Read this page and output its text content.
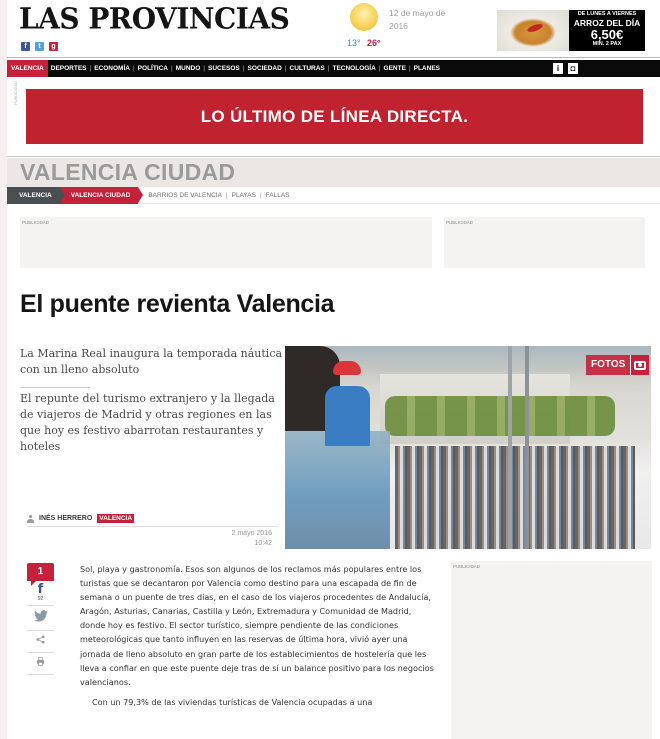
LAS PROVINCIAS
f	t	g
12 de mayo de 2016
13° 26°
DE LUNES A VIERNES
ARROZ DEL DÍA
6,50€
MIN. 2 PAX
VALENCIA	DEPORTES | ECONOMÍA | POLÍTICA | MUNDO | SUCESOS | SOCIEDAD | CULTURAS | TECNOLOGÍA | GENTE | PLANES	i	◘
PUBLICIDAD
LO ÚLTIMO DE LÍNEA DIRECTA.
VALENCIA CIUDAD
VALENCIA	VALENCIA CIUDAD	BARRIOS DE VALENCIA | PLAYAS | FALLAS
PUBLICIDAD	PUBLICIDAD
El puente revienta Valencia
La Marina Real inaugura la temporada náutica con un lleno absoluto
El repunte del turismo extranjero y la llegada de viajeros de Madrid y otras regiones en las que hoy es festivo abarrotan restaurantes y hoteles
FOTOS
INÉS HERRERO	VALENCIA
2 mayo 2016
10:42
1
f
92

Sol, playa y gastronomía. Esos son algunos de los reclamos más populares entre los turistas que se decantaron por Valencia como destino para una escapada de fin de semana o un puente de tres días, en el caso de los viajeros procedentes de Andalucía, Aragón, Asturias, Canarias, Castilla y León, Extremadura y Comunidad de Madrid, donde hoy es festivo. El sector turístico, siempre pendiente de las condiciones meteorológicas que tanto influyen en las reservas de última hora, vivió ayer una jornada de lleno absoluto en gran parte de los establecimientos de hostelería que les lleva a confiar en que este puente deje tras de sí un balance positivo para los negocios valencianos.

Con un 79,3% de las viviendas turísticas de Valencia ocupadas a una

PUBLICIDAD
